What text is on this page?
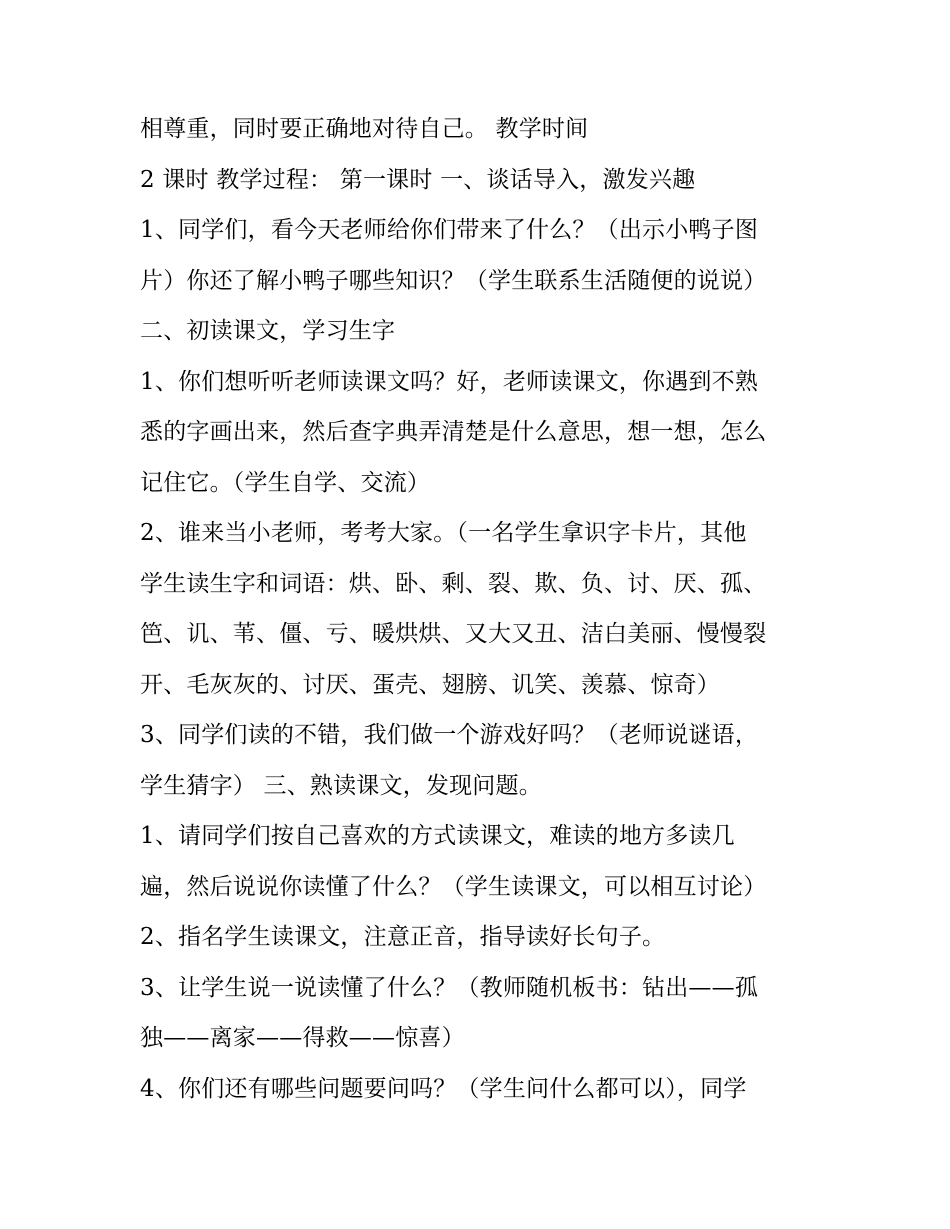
相尊重，同时要正确地对待自己。 教学时间
2 课时 教学过程： 第一课时 一、谈话导入，激发兴趣
1、同学们，看今天老师给你们带来了什么？（出示小鸭子图
片）你还了解小鸭子哪些知识？（学生联系生活随便的说说）
二、初读课文，学习生字
1、你们想听听老师读课文吗？好，老师读课文，你遇到不熟
悉的字画出来，然后查字典弄清楚是什么意思，想一想，怎么
记住它。（学生自学、交流）
2、谁来当小老师，考考大家。（一名学生拿识字卡片，其他
学生读生字和词语：烘、卧、剩、裂、欺、负、讨、厌、孤、
笆、讥、苇、僵、亏、暖烘烘、又大又丑、洁白美丽、慢慢裂
开、毛灰灰的、讨厌、蛋壳、翅膀、讥笑、羡慕、惊奇）
3、同学们读的不错，我们做一个游戏好吗？（老师说谜语，
学生猜字） 三、熟读课文，发现问题。
1、请同学们按自己喜欢的方式读课文，难读的地方多读几
遍，然后说说你读懂了什么？（学生读课文，可以相互讨论）
2、指名学生读课文，注意正音，指导读好长句子。
3、让学生说一说读懂了什么？（教师随机板书：钻出——孤
独——离家——得救——惊喜）
4、你们还有哪些问题要问吗？（学生问什么都可以），同学
